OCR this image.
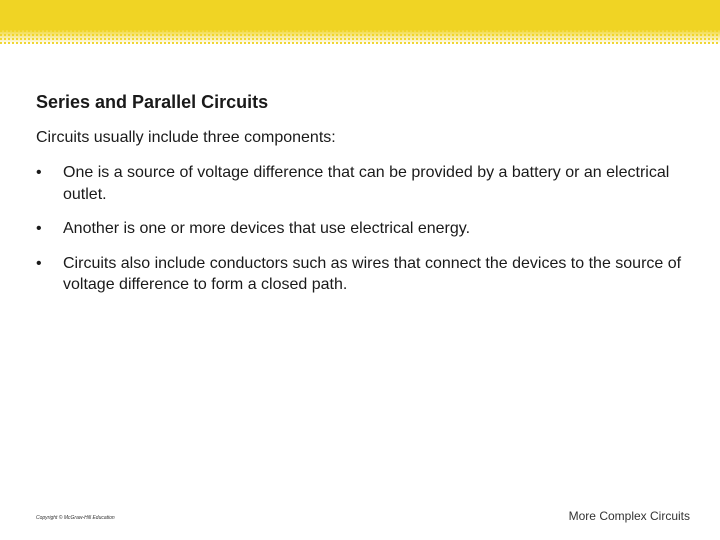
Series and Parallel Circuits

Circuits usually include three components:

• One is a source of voltage difference that can be provided by a battery or an electrical outlet.
• Another is one or more devices that use electrical energy.
• Circuits also include conductors such as wires that connect the devices to the source of voltage difference to form a closed path.
Copyright © McGraw-Hill Education	More Complex Circuits
